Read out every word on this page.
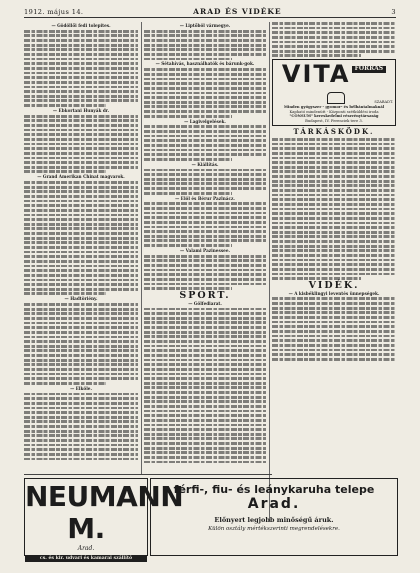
1912. május 14.	ARAD ÉS VIDÉKE	3

— Gödöllői fedi tolepites.

— Ebkortani Hunyák dr.

— Grand Amerikan Chinat magvarok.

— Hadtöriény.

— Elköle.

— Liptőböl vármegye.

— Sétahívás, használhatók és bárunk-gok.

— Lagivelgelések.

— Kiállítás.

— Elöl és Bérur Pazlnácz.

— Valami Pazinessee.

SPORT.

— Gölfediarat.

VITA FORRÁS
SZABADT.
Minden gyógyszer - gyomor- és bélbántalmaknál
Kapható mindenütt - Központi szétküldési iroda
"CONSUM" kereskedelmi részvénytársaság
Budapest, IV. Ferenciek tere 3.
TÁRKÁSKÖDK.
VIDÉK.

— A kisbéklingyi leventés ünnepségek.

NEUMANN M.
Arad.
cs. és kir. udvari és kamarai szállító
férfi-, fiu- és leánykaruha telepe
Arad.
Előnyert legjobb minőségű áruk.
Külön osztály mértékszerinti megrendelésekre.
